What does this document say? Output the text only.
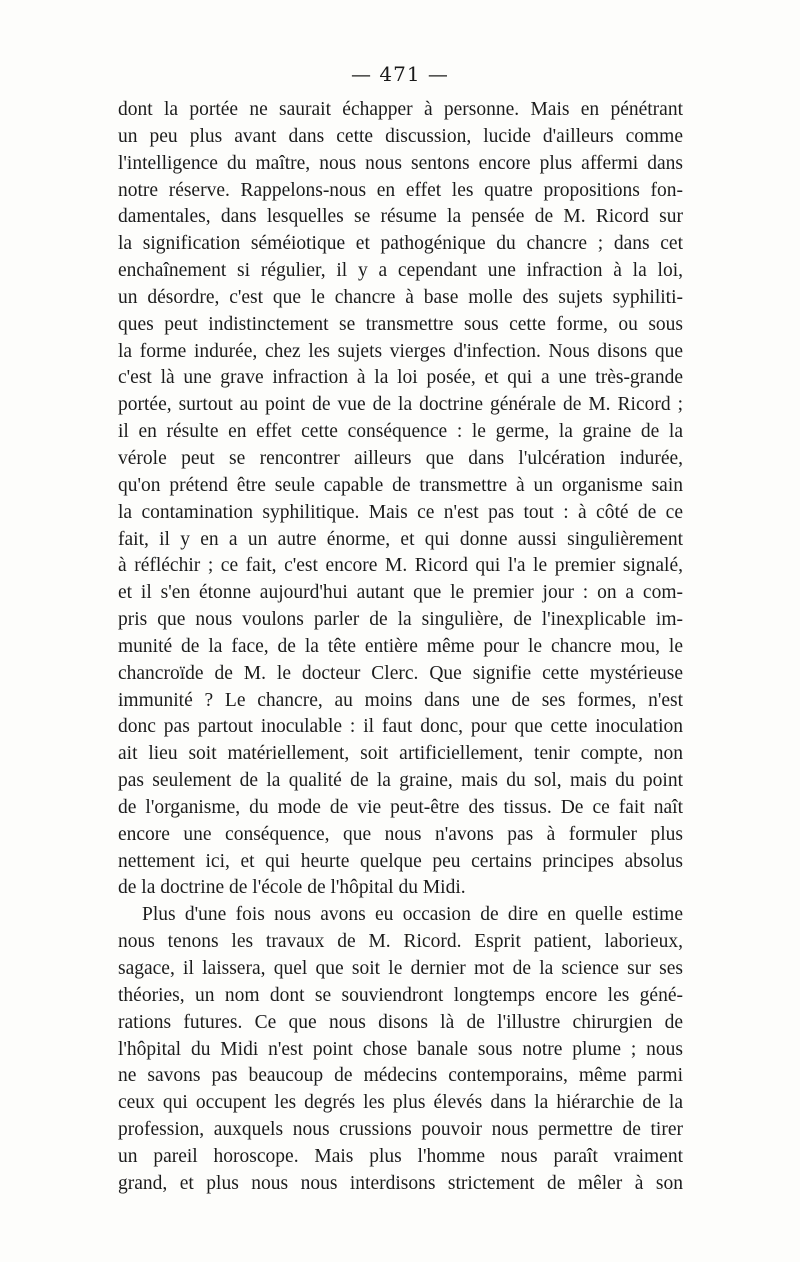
— 471 —
dont la portée ne saurait échapper à personne. Mais en pénétrant
un peu plus avant dans cette discussion, lucide d'ailleurs comme
l'intelligence du maître, nous nous sentons encore plus affermi dans
notre réserve. Rappelons-nous en effet les quatre propositions fon-
damentales, dans lesquelles se résume la pensée de M. Ricord sur
la signification séméiotique et pathogénique du chancre ; dans cet
enchaînement si régulier, il y a cependant une infraction à la loi,
un désordre, c'est que le chancre à base molle des sujets syphiliti-
ques peut indistinctement se transmettre sous cette forme, ou sous
la forme indurée, chez les sujets vierges d'infection. Nous disons que
c'est là une grave infraction à la loi posée, et qui a une très-grande
portée, surtout au point de vue de la doctrine générale de M. Ricord ;
il en résulte en effet cette conséquence : le germe, la graine de la
vérole peut se rencontrer ailleurs que dans l'ulcération indurée,
qu'on prétend être seule capable de transmettre à un organisme sain
la contamination syphilitique. Mais ce n'est pas tout : à côté de ce
fait, il y en a un autre énorme, et qui donne aussi singulièrement
à réfléchir ; ce fait, c'est encore M. Ricord qui l'a le premier signalé,
et il s'en étonne aujourd'hui autant que le premier jour : on a com-
pris que nous voulons parler de la singulière, de l'inexplicable im-
munité de la face, de la tête entière même pour le chancre mou, le
chancroïde de M. le docteur Clerc. Que signifie cette mystérieuse
immunité ? Le chancre, au moins dans une de ses formes, n'est
donc pas partout inoculable : il faut donc, pour que cette inoculation
ait lieu soit matériellement, soit artificiellement, tenir compte, non
pas seulement de la qualité de la graine, mais du sol, mais du point
de l'organisme, du mode de vie peut-être des tissus. De ce fait naît
encore une conséquence, que nous n'avons pas à formuler plus
nettement ici, et qui heurte quelque peu certains principes absolus
de la doctrine de l'école de l'hôpital du Midi.
Plus d'une fois nous avons eu occasion de dire en quelle estime
nous tenons les travaux de M. Ricord. Esprit patient, laborieux,
sagace, il laissera, quel que soit le dernier mot de la science sur ses
théories, un nom dont se souviendront longtemps encore les géné-
rations futures. Ce que nous disons là de l'illustre chirurgien de
l'hôpital du Midi n'est point chose banale sous notre plume ; nous
ne savons pas beaucoup de médecins contemporains, même parmi
ceux qui occupent les degrés les plus élevés dans la hiérarchie de la
profession, auxquels nous crussions pouvoir nous permettre de tirer
un pareil horoscope. Mais plus l'homme nous paraît vraiment
grand, et plus nous nous interdisons strictement de mêler à son
